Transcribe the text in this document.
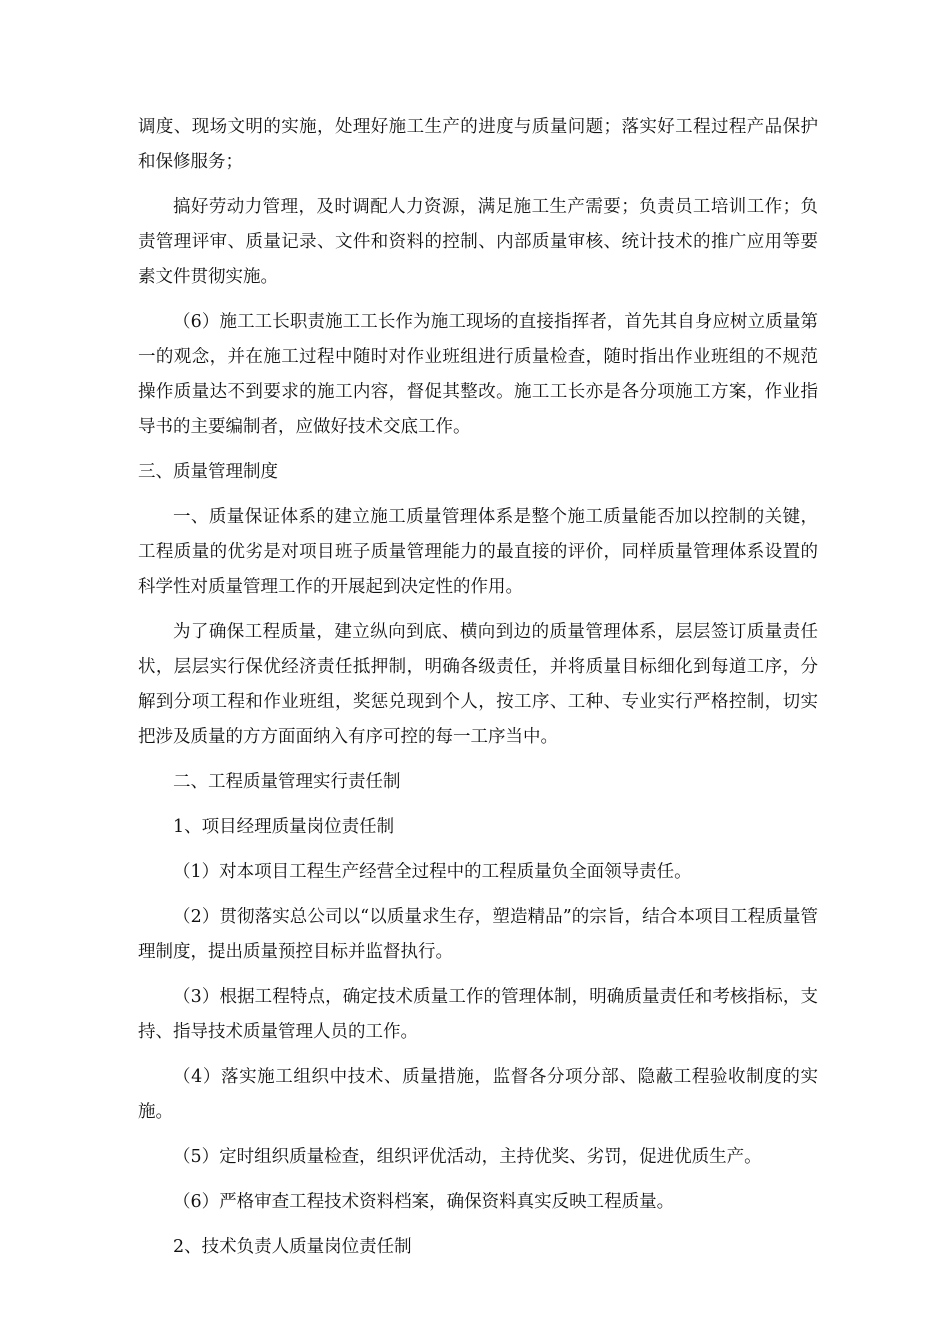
调度、现场文明的实施，处理好施工生产的进度与质量问题；落实好工程过程产品保护和保修服务；

搞好劳动力管理，及时调配人力资源，满足施工生产需要；负责员工培训工作；负责管理评审、质量记录、文件和资料的控制、内部质量审核、统计技术的推广应用等要素文件贯彻实施。

（6）施工工长职责施工工长作为施工现场的直接指挥者，首先其自身应树立质量第一的观念，并在施工过程中随时对作业班组进行质量检查，随时指出作业班组的不规范操作质量达不到要求的施工内容，督促其整改。施工工长亦是各分项施工方案，作业指导书的主要编制者，应做好技术交底工作。

三、质量管理制度

一、质量保证体系的建立施工质量管理体系是整个施工质量能否加以控制的关键，工程质量的优劣是对项目班子质量管理能力的最直接的评价，同样质量管理体系设置的科学性对质量管理工作的开展起到决定性的作用。

为了确保工程质量，建立纵向到底、横向到边的质量管理体系，层层签订质量责任状，层层实行保优经济责任抵押制，明确各级责任，并将质量目标细化到每道工序，分解到分项工程和作业班组，奖惩兑现到个人，按工序、工种、专业实行严格控制，切实把涉及质量的方方面面纳入有序可控的每一工序当中。

二、工程质量管理实行责任制

1、项目经理质量岗位责任制

（1）对本项目工程生产经营全过程中的工程质量负全面领导责任。

（2）贯彻落实总公司以“以质量求生存，塑造精品”的宗旨，结合本项目工程质量管理制度，提出质量预控目标并监督执行。

（3）根据工程特点，确定技术质量工作的管理体制，明确质量责任和考核指标，支持、指导技术质量管理人员的工作。

（4）落实施工组织中技术、质量措施，监督各分项分部、隐蔽工程验收制度的实施。

（5）定时组织质量检查，组织评优活动，主持优奖、劣罚，促进优质生产。

（6）严格审查工程技术资料档案，确保资料真实反映工程质量。

2、技术负责人质量岗位责任制
